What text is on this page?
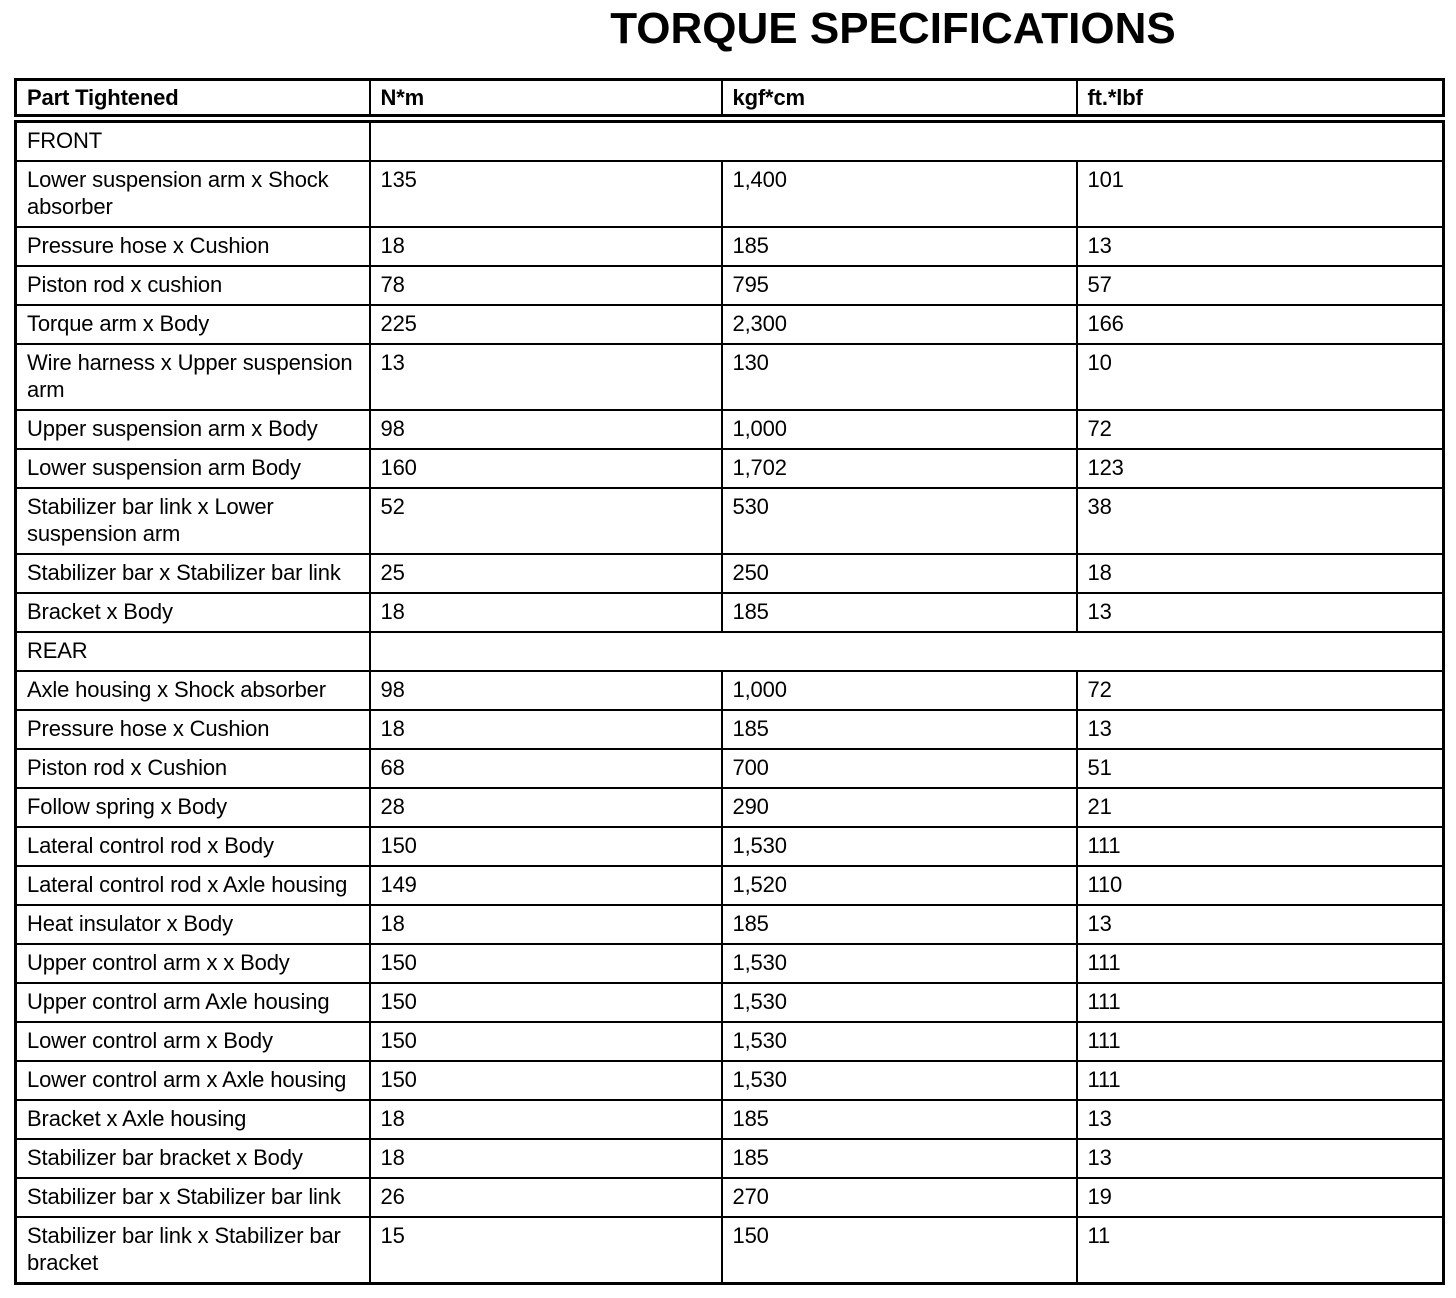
TORQUE SPECIFICATIONS
Part Tightened	N*m	kgf*cm	ft.*lbf
FRONT			
Lower suspension arm x Shock absorber	135	1,400	101
Pressure hose x Cushion	18	185	13
Piston rod x cushion	78	795	57
Torque arm x Body	225	2,300	166
Wire harness x Upper suspension arm	13	130	10
Upper suspension arm x Body	98	1,000	72
Lower suspension arm Body	160	1,702	123
Stabilizer bar link x Lower suspension arm	52	530	38
Stabilizer bar x Stabilizer bar link	25	250	18
Bracket x Body	18	185	13
REAR			
Axle housing x Shock absorber	98	1,000	72
Pressure hose x Cushion	18	185	13
Piston rod x Cushion	68	700	51
Follow spring x Body	28	290	21
Lateral control rod x Body	150	1,530	111
Lateral control rod x Axle housing	149	1,520	110
Heat insulator x Body	18	185	13
Upper control arm x x Body	150	1,530	111
Upper control arm Axle housing	150	1,530	111
Lower control arm x Body	150	1,530	111
Lower control arm x Axle housing	150	1,530	111
Bracket x Axle housing	18	185	13
Stabilizer bar bracket x Body	18	185	13
Stabilizer bar x Stabilizer bar link	26	270	19
Stabilizer bar link x Stabilizer bar bracket	15	150	11
